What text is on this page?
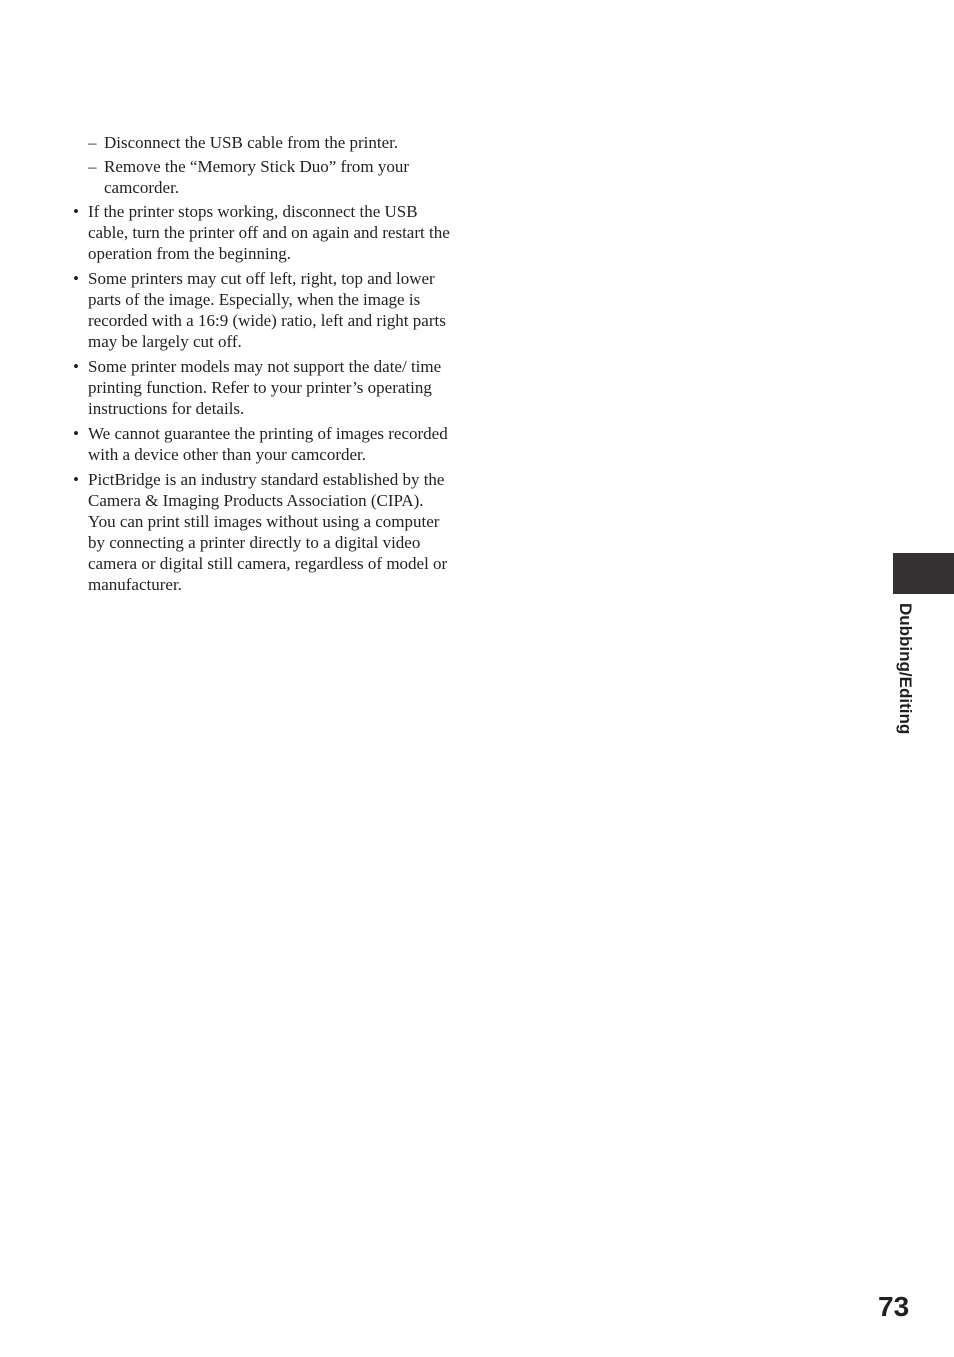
– Disconnect the USB cable from the printer.
– Remove the “Memory Stick Duo” from your camcorder.
• If the printer stops working, disconnect the USB cable, turn the printer off and on again and restart the operation from the beginning.
• Some printers may cut off left, right, top and lower parts of the image. Especially, when the image is recorded with a 16:9 (wide) ratio, left and right parts may be largely cut off.
• Some printer models may not support the date/ time printing function. Refer to your printer’s operating instructions for details.
• We cannot guarantee the printing of images recorded with a device other than your camcorder.
• PictBridge is an industry standard established by the Camera & Imaging Products Association (CIPA). You can print still images without using a computer by connecting a printer directly to a digital video camera or digital still camera, regardless of model or manufacturer.
Dubbing/Editing
73
